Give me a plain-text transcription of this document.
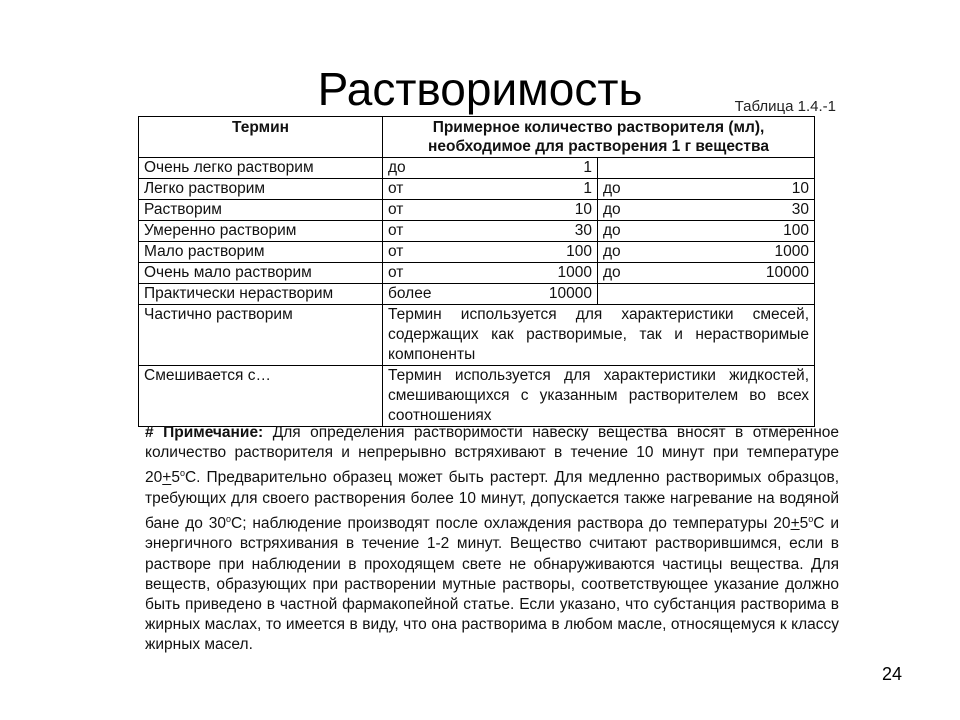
Растворимость	Таблица 1.4.-1
Термин	Примерное количество растворителя (мл), необходимое для растворения 1 г вещества	
Очень легко растворим	до 1	

Легко растворим	от 1	до 10

Растворим	от 10	до 30

Умеренно растворим	от 30	до 100

Мало растворим	от 100	до 1000

Очень мало растворим	от 1000	до 10000

Практически нерастворим	более 10000	

Частично растворим	Термин используется для характеристики смесей, содержащих как растворимые, так и нерастворимые компоненты	
Смешивается с…	Термин используется для характеристики жидкостей, смешивающихся с указанным растворителем во всех соотношениях	
# Примечание: Для определения растворимости навеску вещества вносят в отмеренное количество растворителя и непрерывно встряхивают в течение 10 минут при температуре $20+5^оС$. Предварительно образец может быть растерт. Для медленно растворимых образцов, требующих для своего растворения более 10 минут, допускается также нагревание на водяной бане до $30^оС$; наблюдение производят после охлаждения раствора до температуры $20+5^оС$ и энергичного встряхивания в течение 1-2 минут. Вещество считают растворившимся, если в растворе при наблюдении в проходящем свете не обнаруживаются частицы вещества. Для веществ, образующих при растворении мутные растворы, соответствующее указание должно быть приведено в частной фармакопейной статье. Если указано, что субстанция растворима в жирных маслах, то имеется в виду, что она растворима в любом масле, относящемуся к классу жирных масел.
24
